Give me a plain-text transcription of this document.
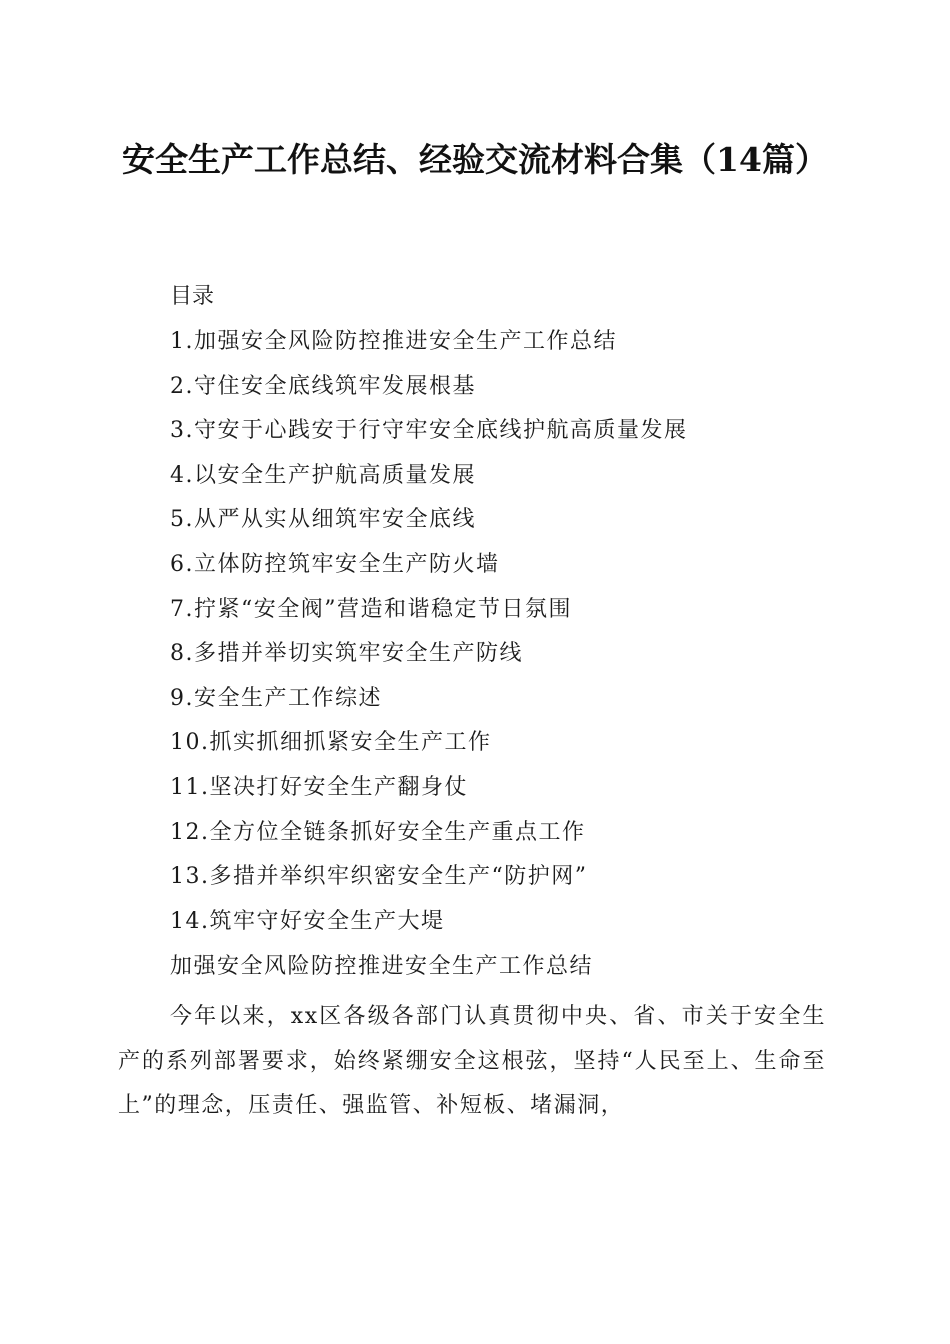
安全生产工作总结、经验交流材料合集（14篇）
目录
1.加强安全风险防控推进安全生产工作总结
2.守住安全底线筑牢发展根基
3.守安于心践安于行守牢安全底线护航高质量发展
4.以安全生产护航高质量发展
5.从严从实从细筑牢安全底线
6.立体防控筑牢安全生产防火墙
7.拧紧“安全阀”营造和谐稳定节日氛围
8.多措并举切实筑牢安全生产防线
9.安全生产工作综述
10.抓实抓细抓紧安全生产工作
11.坚决打好安全生产翻身仗
12.全方位全链条抓好安全生产重点工作
13.多措并举织牢织密安全生产“防护网”
14.筑牢守好安全生产大堤
加强安全风险防控推进安全生产工作总结

今年以来，xx区各级各部门认真贯彻中央、省、市关于安全生产的系列部署要求，始终紧绷安全这根弦，坚持“人民至上、生命至上”的理念，压责任、强监管、补短板、堵漏洞，
